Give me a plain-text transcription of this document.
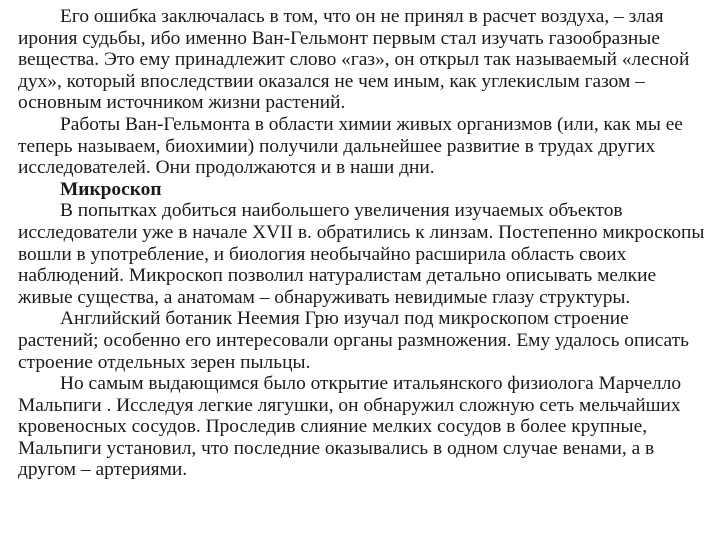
Его ошибка заключалась в том, что он не принял в расчет воздуха, – злая ирония судьбы, ибо именно Ван-Гельмонт первым стал изучать газообразные вещества. Это ему принадлежит слово «газ», он открыл так называемый «лесной дух», который впоследствии оказался не чем иным, как углекислым газом – основным источником жизни растений.

Работы Ван-Гельмонта в области химии живых организмов (или, как мы ее теперь называем, биохимии) получили дальнейшее развитие в трудах других исследователей. Они продолжаются и в наши дни.

Микроскоп

В попытках добиться наибольшего увеличения изучаемых объектов исследователи уже в начале XVII в. обратились к линзам. Постепенно микроскопы вошли в употребление, и биология необычайно расширила область своих наблюдений. Микроскоп позволил натуралистам детально описывать мелкие живые существа, а анатомам – обнаруживать невидимые глазу структуры.

Английский ботаник Неемия Грю изучал под микроскопом строение растений; особенно его интересовали органы размножения. Ему удалось описать строение отдельных зерен пыльцы.

Но самым выдающимся было открытие итальянского физиолога Марчелло Мальпиги . Исследуя легкие лягушки, он обнаружил сложную сеть мельчайших кровеносных сосудов. Проследив слияние мелких сосудов в более крупные, Мальпиги установил, что последние оказывались в одном случае венами, а в другом – артериями.
